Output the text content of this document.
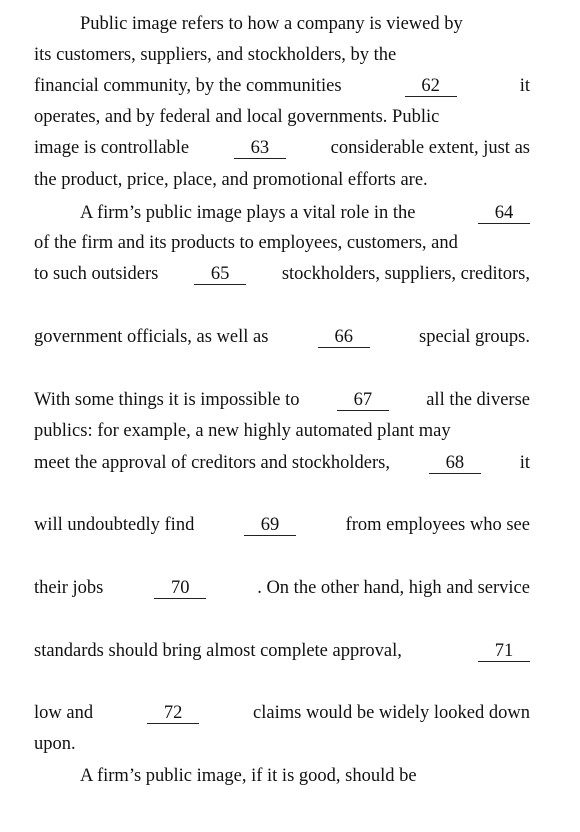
Public image refers to how a company is viewed by
its customers, suppliers, and stockholders, by the
financial community, by the communities	62	it
operates, and by federal and local governments. Public
image is controllable	63	considerable extent, just as
the product, price, place, and promotional efforts are.
A firm’s public image plays a vital role in the	64
of the firm and its products to employees, customers, and
to such outsiders	65	stockholders, suppliers, creditors,
government officials, as well as	66	special groups.
With some things it is impossible to	67	all the diverse
publics: for example, a new highly automated plant may
meet the approval of creditors and stockholders,	68	it
will undoubtedly find	69	from employees who see
their jobs	70	. On the other hand, high and service
standards should bring almost complete approval,	71
low and	72	claims would be widely looked down
upon.
A firm’s public image, if it is good, should be
